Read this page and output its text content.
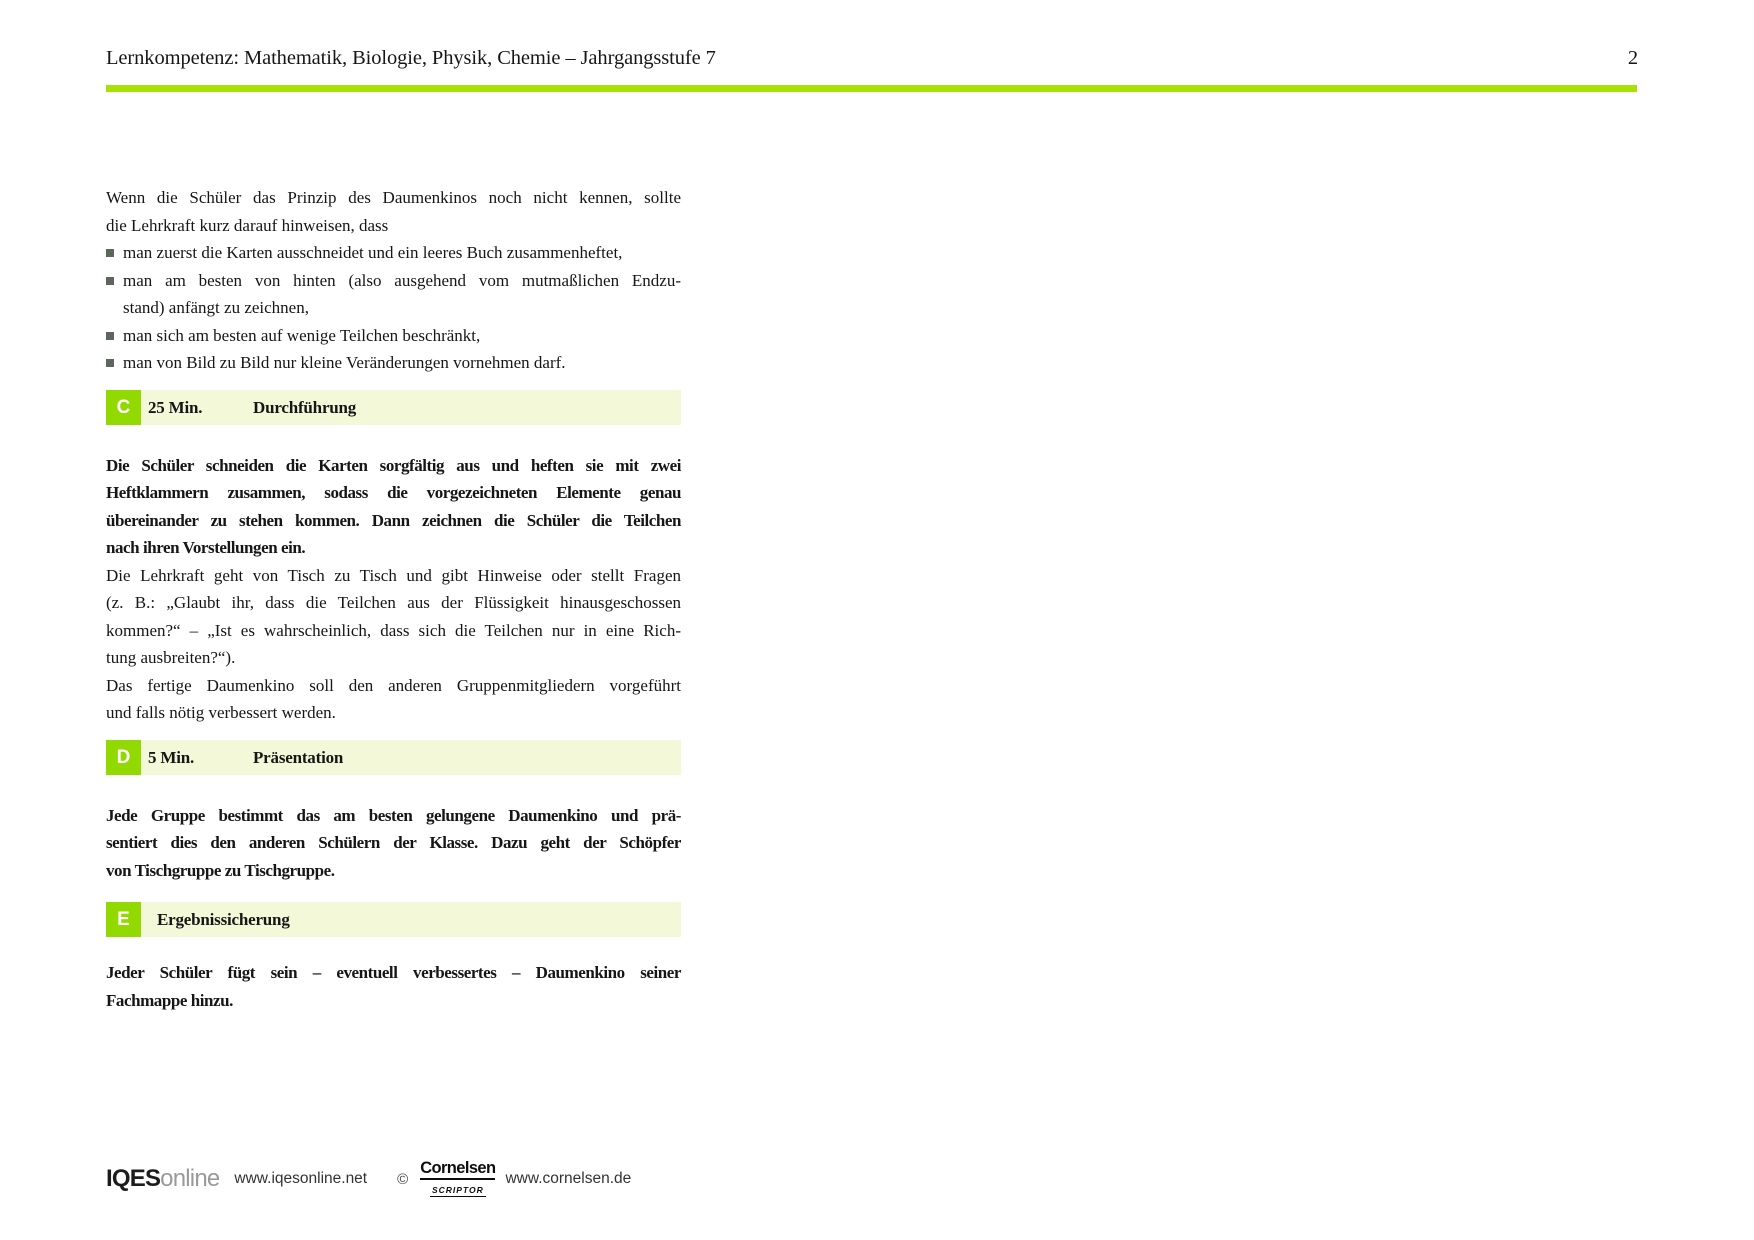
Lernkompetenz: Mathematik, Biologie, Physik, Chemie – Jahrgangsstufe 7	2
Wenn die Schüler das Prinzip des Daumenkinos noch nicht kennen, sollte
die Lehrkraft kurz darauf hinweisen, dass
man zuerst die Karten ausschneidet und ein leeres Buch zusammenheftet,
man am besten von hinten (also ausgehend vom mutmaßlichen Endzu-
stand) anfängt zu zeichnen,
man sich am besten auf wenige Teilchen beschränkt,
man von Bild zu Bild nur kleine Veränderungen vornehmen darf.
C	25 Min.	Durchführung
Die Schüler schneiden die Karten sorgfältig aus und heften sie mit zwei
Heftklammern zusammen, sodass die vorgezeichneten Elemente genau
übereinander zu stehen kommen. Dann zeichnen die Schüler die Teilchen
nach ihren Vorstellungen ein.
Die Lehrkraft geht von Tisch zu Tisch und gibt Hinweise oder stellt Fragen
(z. B.: „Glaubt ihr, dass die Teilchen aus der Flüssigkeit hinausgeschossen
kommen?“ – „Ist es wahrscheinlich, dass sich die Teilchen nur in eine Rich-
tung ausbreiten?“).
Das fertige Daumenkino soll den anderen Gruppenmitgliedern vorgeführt
und falls nötig verbessert werden.
D	5 Min.	Präsentation
Jede Gruppe bestimmt das am besten gelungene Daumenkino und prä-
sentiert dies den anderen Schülern der Klasse. Dazu geht der Schöpfer
von Tischgruppe zu Tischgruppe.
E	Ergebnissicherung
Jeder Schüler fügt sein – eventuell verbessertes – Daumenkino seiner
Fachmappe hinzu.
IQESonline www.iqesonline.net ©
Cornelsen
SCRIPTOR
www.cornelsen.de
